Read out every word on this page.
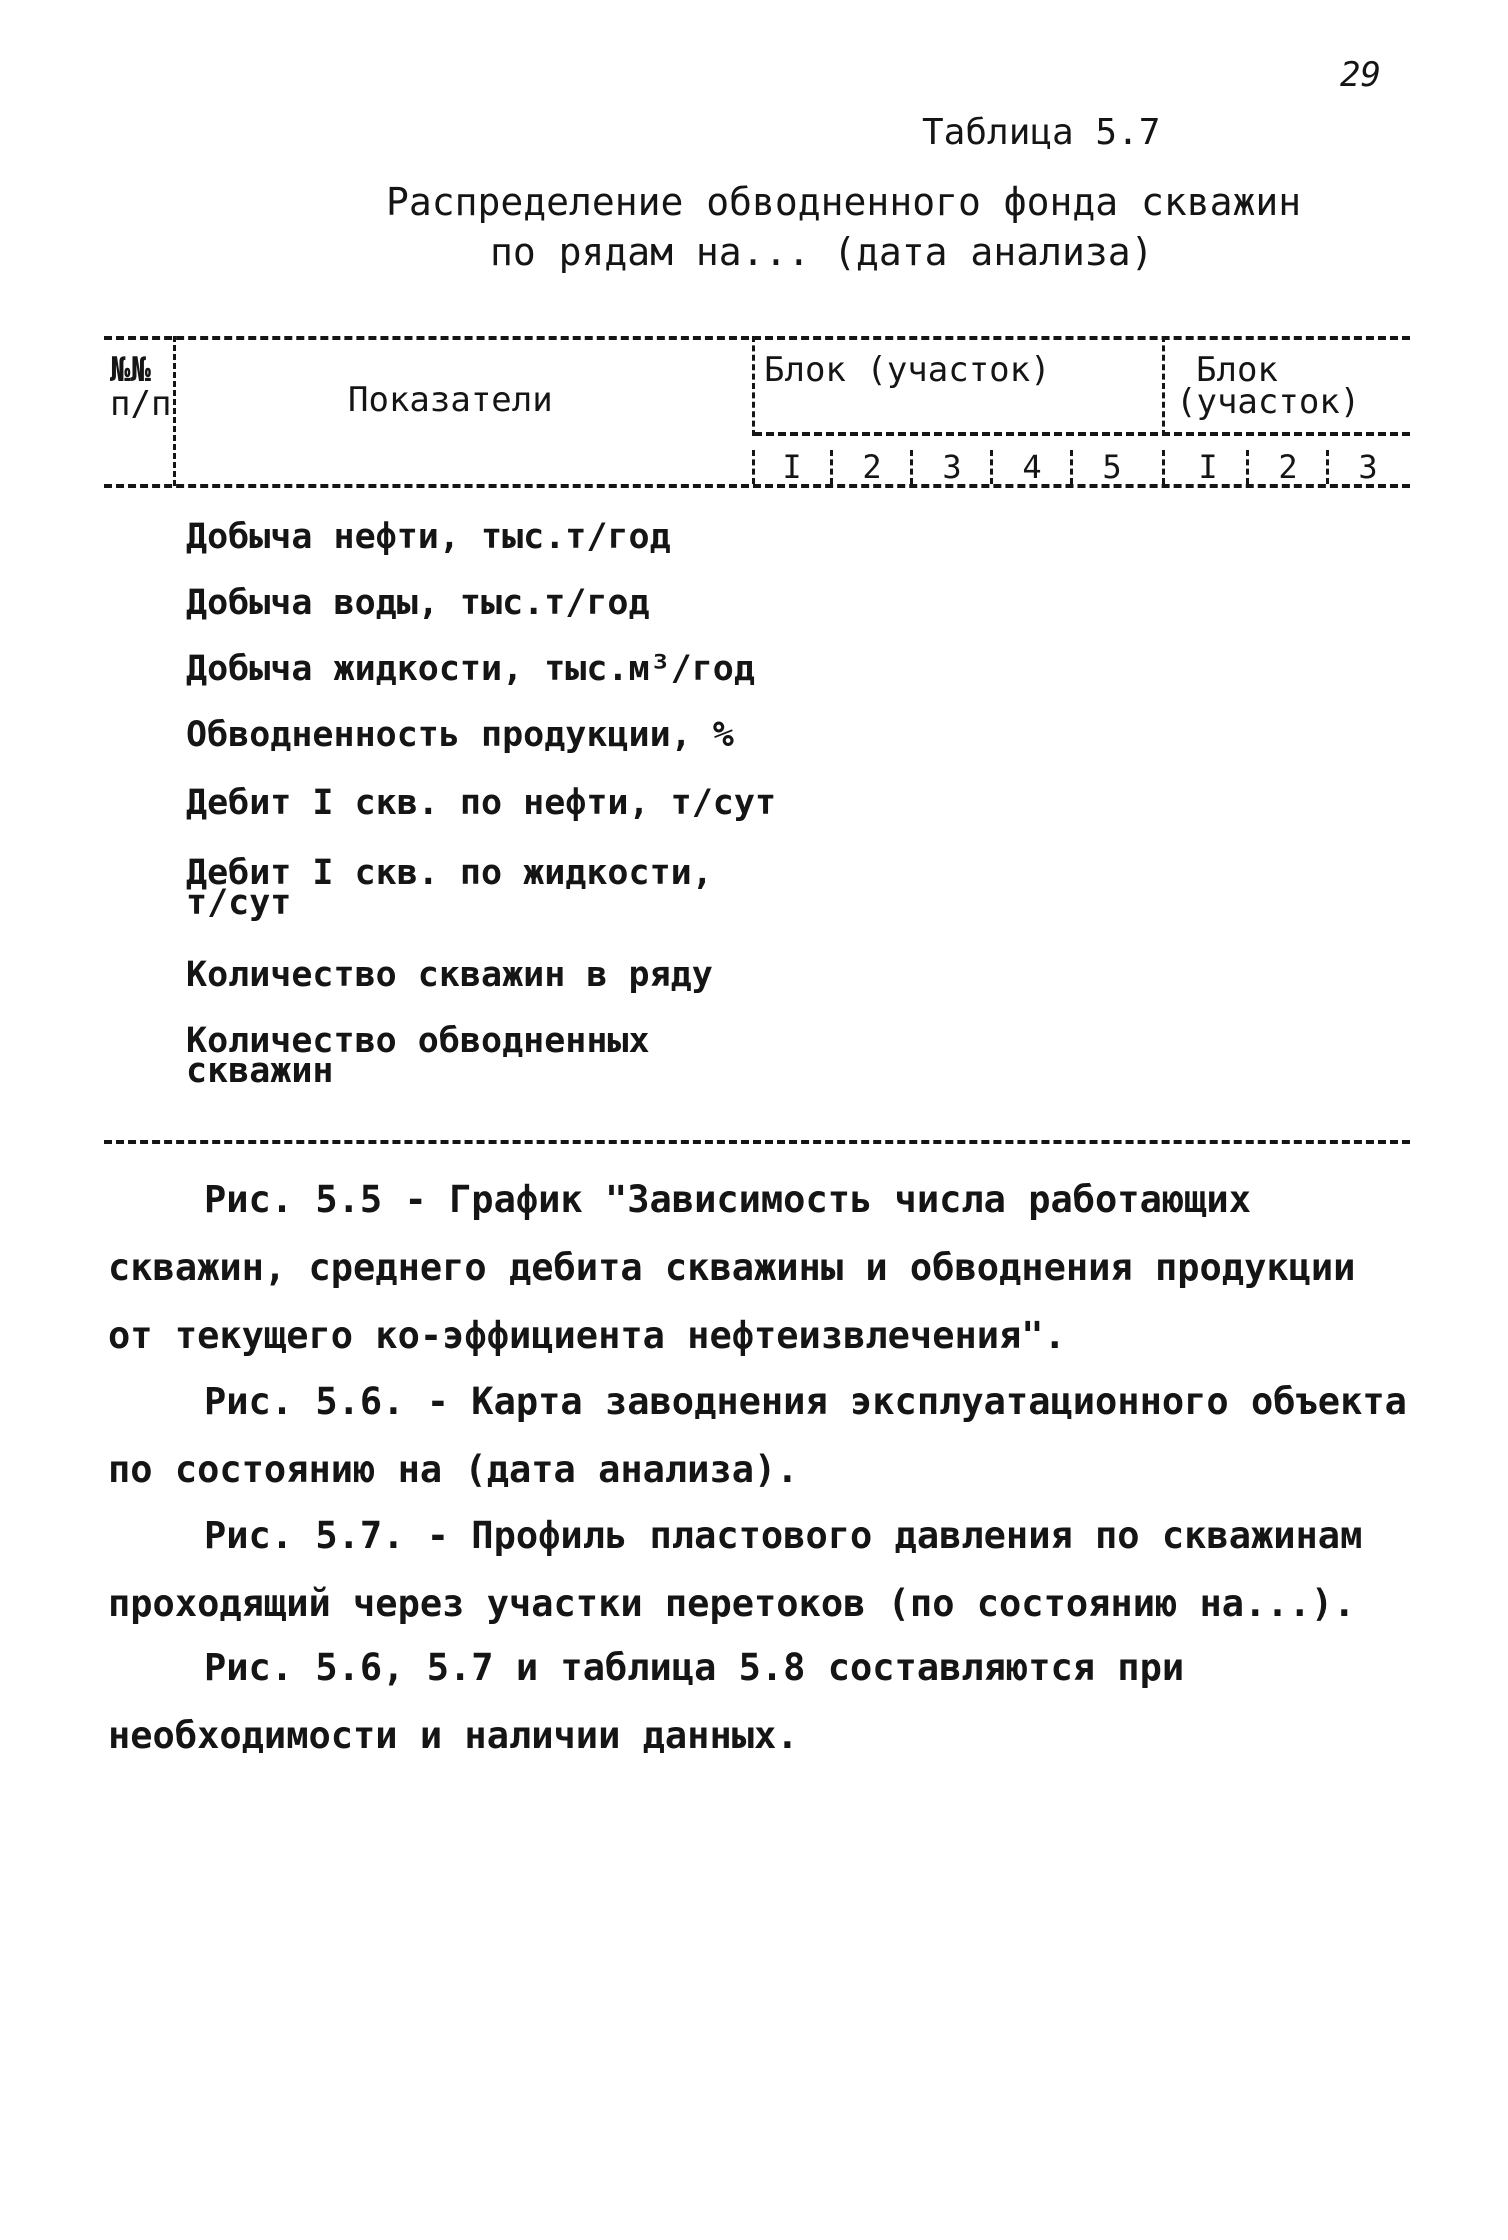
29
Таблица 5.7
Распределение обводненного фонда скважин
по рядам на... (дата анализа)
№№
п/п	Показатели
Блок (участок)	Блок
(участок)
I	2	3	4	5	I	2	3
Добыча нефти, тыс.т/год
Добыча воды, тыс.т/год
Добыча жидкости, тыс.м³/год
Обводненность продукции, %
Дебит I скв. по нефти, т/сут
Дебит I скв. по жидкости,
т/сут
Количество скважин в ряду
Количество обводненных
скважин
Рис. 5.5 - График "Зависимость числа работающих скважин, среднего дебита скважины и обводнения продукции от текущего ко-эффициента нефтеизвлечения".
Рис. 5.6. - Карта заводнения эксплуатационного объекта по состоянию на (дата анализа).
Рис. 5.7. - Профиль пластового давления по скважинам проходящий через участки перетоков (по состоянию на...).
Рис. 5.6, 5.7 и таблица 5.8 составляются при необходимости и наличии данных.
